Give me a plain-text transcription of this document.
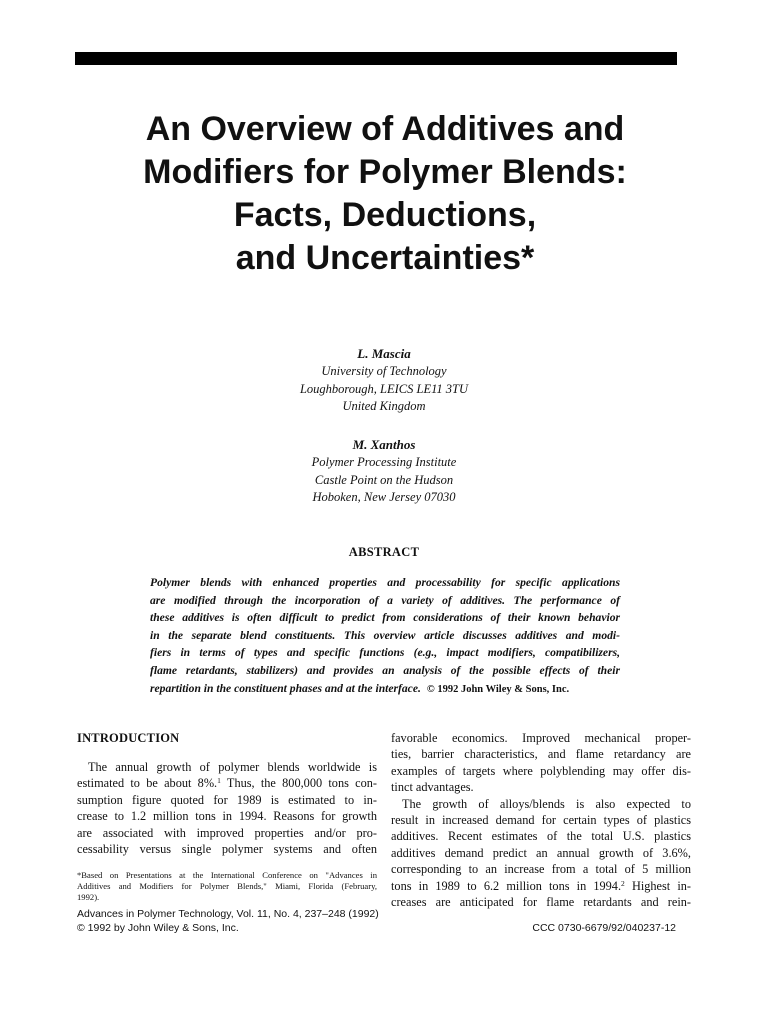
An Overview of Additives and
Modifiers for Polymer Blends:
Facts, Deductions,
and Uncertainties*
L. Mascia
University of Technology
Loughborough, LEICS LE11 3TU
United Kingdom
M. Xanthos
Polymer Processing Institute
Castle Point on the Hudson
Hoboken, New Jersey 07030
ABSTRACT
Polymer blends with enhanced properties and processability for specific applications
are modified through the incorporation of a variety of additives. The performance of
these additives is often difficult to predict from considerations of their known behavior
in the separate blend constituents. This overview article discusses additives and modi-
fiers in terms of types and specific functions (e.g., impact modifiers, compatibilizers,
flame retardants, stabilizers) and provides an analysis of the possible effects of their
repartition in the constituent phases and at the interface. © 1992 John Wiley & Sons, Inc.
INTRODUCTION
The annual growth of polymer blends worldwide is
estimated to be about 8%.$^1$ Thus, the 800,000 tons con-
sumption figure quoted for 1989 is estimated to in-
crease to 1.2 million tons in 1994. Reasons for growth
are associated with improved properties and/or pro-
cessability versus single polymer systems and often
*Based on Presentations at the International Conference on "Advances in
Additives and Modifiers for Polymer Blends," Miami, Florida (February,
1992).
favorable economics. Improved mechanical proper-
ties, barrier characteristics, and flame retardancy are
examples of targets where polyblending may offer dis-
tinct advantages.
The growth of alloys/blends is also expected to
result in increased demand for certain types of plastics
additives. Recent estimates of the total U.S. plastics
additives demand predict an annual growth of 3.6%,
corresponding to an increase from a total of 5 million
tons in 1989 to 6.2 million tons in 1994.$^2$ Highest in-
creases are anticipated for flame retardants and rein-
Advances in Polymer Technology, Vol. 11, No. 4, 237–248 (1992)
© 1992 by John Wiley & Sons, Inc.	CCC 0730-6679/92/040237-12
